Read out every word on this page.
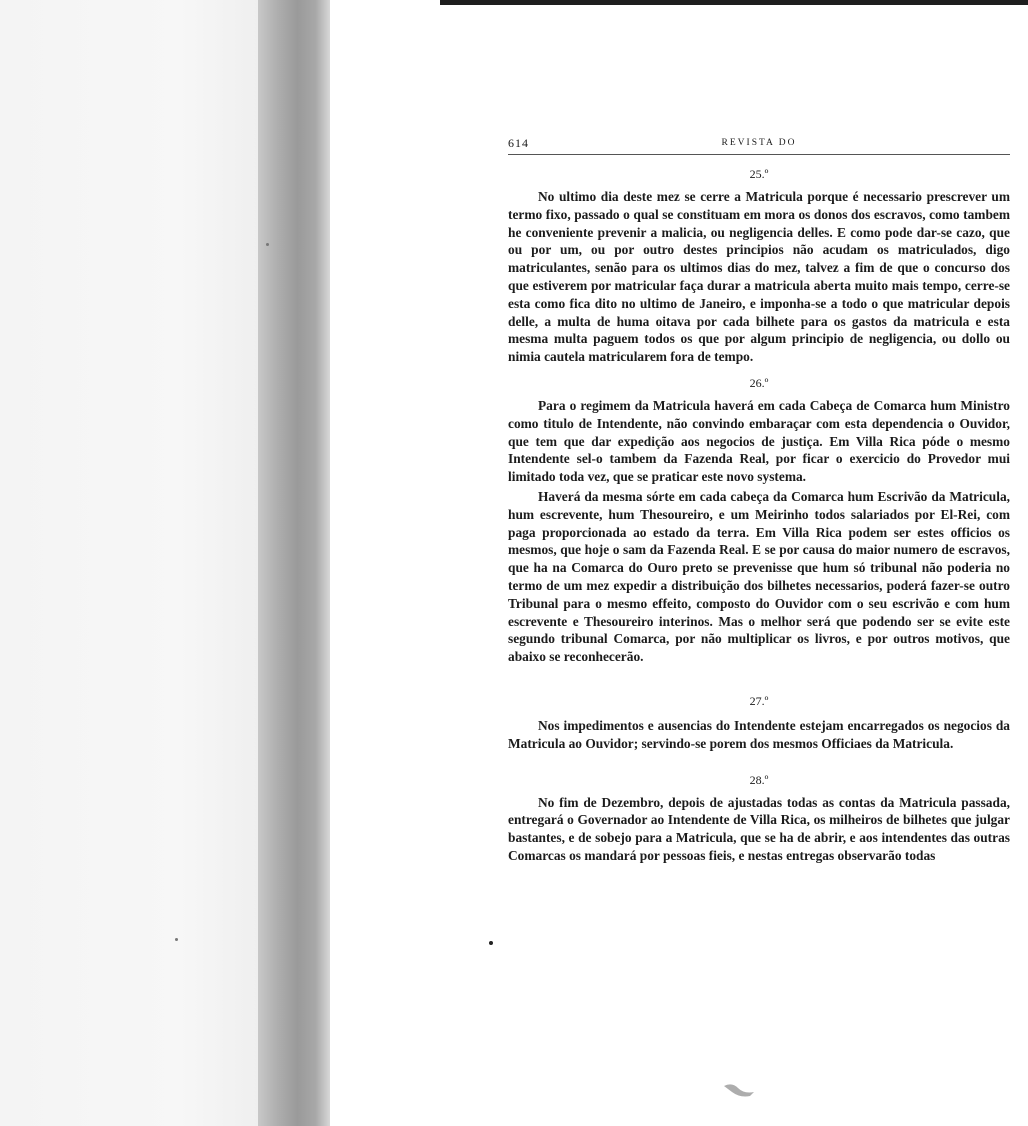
614	REVISTA DO
25.º

No ultimo dia deste mez se cerre a Matricula porque é necessario prescrever um termo fixo, passado o qual se constituam em mora os donos dos escravos, como tambem he conveniente prevenir a malicia, ou negligencia delles. E como pode dar-se cazo, que ou por um, ou por outro destes principios não acudam os matriculados, digo matriculantes, senão para os ultimos dias do mez, talvez a fim de que o concurso dos que estiverem por matricular faça durar a matricula aberta muito mais tempo, cerre-se esta como fica dito no ultimo de Janeiro, e imponha-se a todo o que matricular depois delle, a multa de huma oitava por cada bilhete para os gastos da matricula e esta mesma multa paguem todos os que por algum principio de negligencia, ou dollo ou nimia cautela matricularem fora de tempo.

26.º

Para o regimem da Matricula haverá em cada Cabeça de Comarca hum Ministro como titulo de Intendente, não convindo embaraçar com esta dependencia o Ouvidor, que tem que dar expedição aos negocios de justiça. Em Villa Rica póde o mesmo Intendente sel-o tambem da Fazenda Real, por ficar o exercicio do Provedor mui limitado toda vez, que se praticar este novo systema.

Haverá da mesma sórte em cada cabeça da Comarca hum Escrivão da Matricula, hum escrevente, hum Thesoureiro, e um Meirinho todos salariados por El-Rei, com paga proporcionada ao estado da terra. Em Villa Rica podem ser estes officios os mesmos, que hoje o sam da Fazenda Real. E se por causa do maior numero de escravos, que ha na Comarca do Ouro preto se prevenisse que hum só tribunal não poderia no termo de um mez expedir a distribuição dos bilhetes necessarios, poderá fazer-se outro Tribunal para o mesmo effeito, composto do Ouvidor com o seu escrivão e com hum escrevente e Thesoureiro interinos. Mas o melhor será que podendo ser se evite este segundo tribunal Comarca, por não multiplicar os livros, e por outros motivos, que abaixo se reconhecerão.

27.º

Nos impedimentos e ausencias do Intendente estejam encarregados os negocios da Matricula ao Ouvidor; servindo-se porem dos mesmos Officiaes da Matricula.

28.º

No fim de Dezembro, depois de ajustadas todas as contas da Matricula passada, entregará o Governador ao Intendente de Villa Rica, os milheiros de bilhetes que julgar bastantes, e de sobejo para a Matricula, que se ha de abrir, e aos intendentes das outras Comarcas os mandará por pessoas fieis, e nestas entregas observarão todas
